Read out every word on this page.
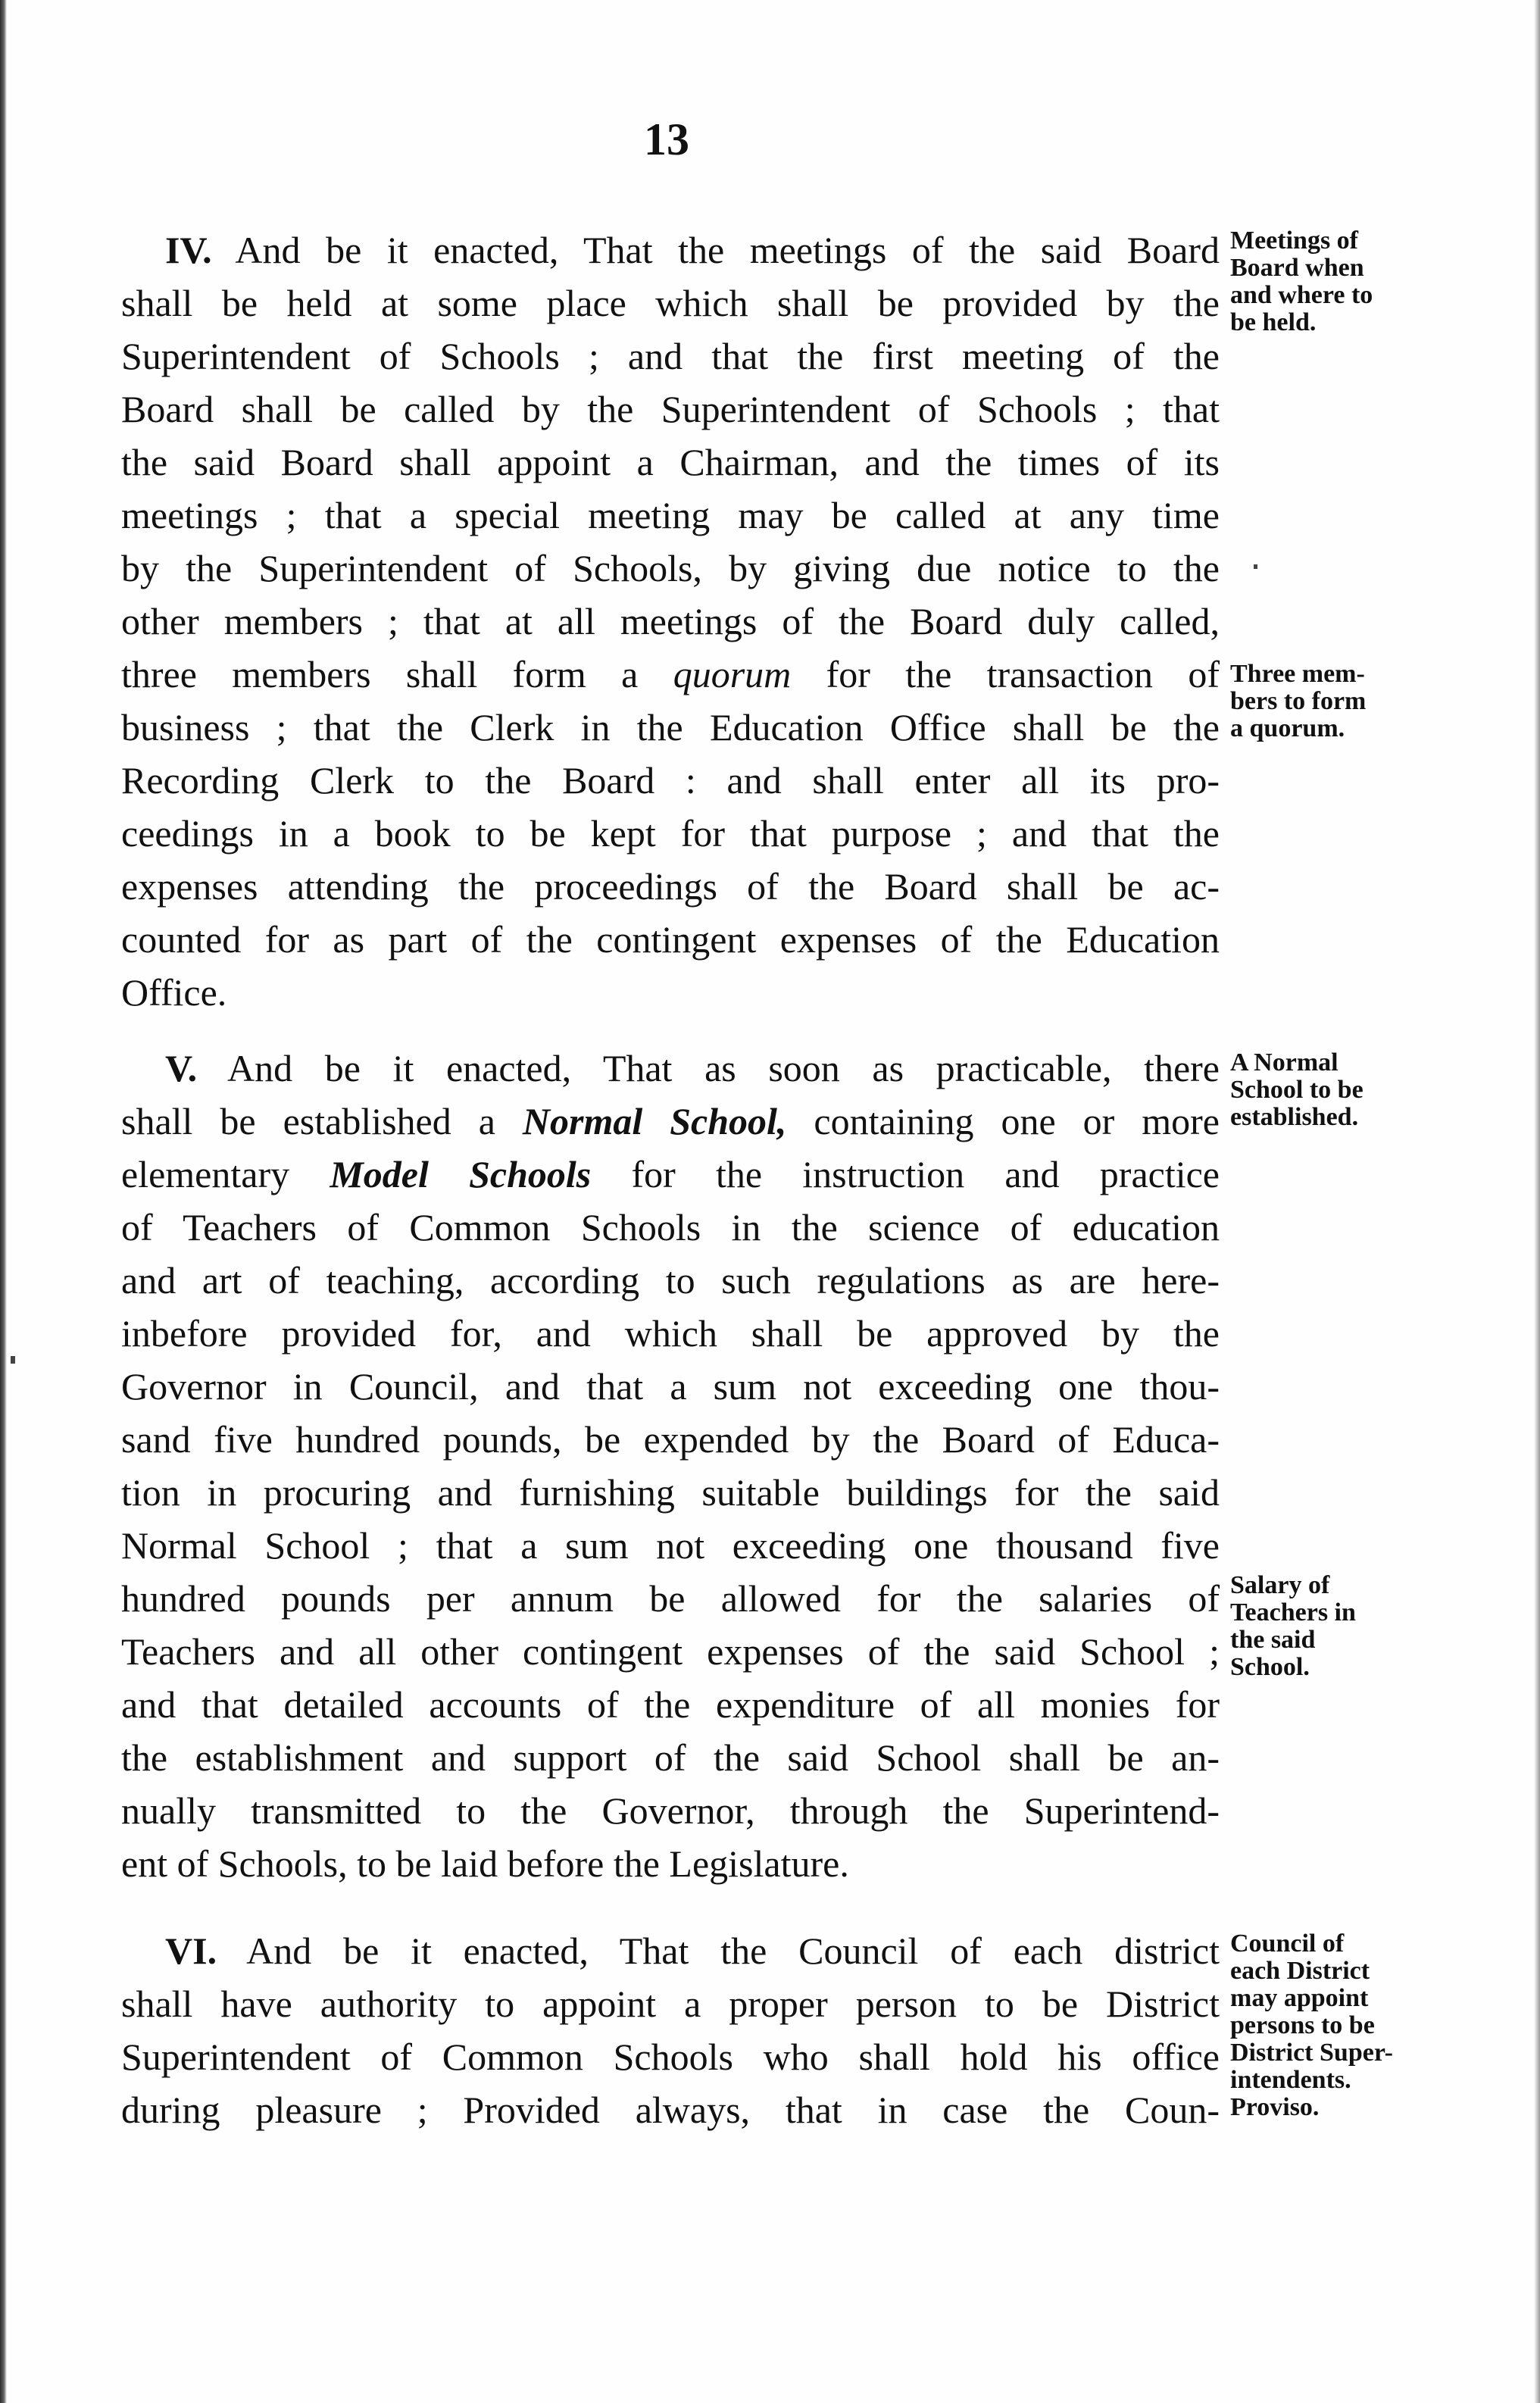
13
IV. And be it enacted, That the meetings of the said Board
shall be held at some place which shall be provided by the
Superintendent of Schools ; and that the first meeting of the
Board shall be called by the Superintendent of Schools ; that
the said Board shall appoint a Chairman, and the times of its
meetings ; that a special meeting may be called at any time
by the Superintendent of Schools, by giving due notice to the
other members ; that at all meetings of the Board duly called,
three members shall form a quorum for the transaction of
business ; that the Clerk in the Education Office shall be the
Recording Clerk to the Board : and shall enter all its pro-
ceedings in a book to be kept for that purpose ; and that the
expenses attending the proceedings of the Board shall be ac-
counted for as part of the contingent expenses of the Education
Office.
V. And be it enacted, That as soon as practicable, there
shall be established a Normal School, containing one or more
elementary Model Schools for the instruction and practice
of Teachers of Common Schools in the science of education
and art of teaching, according to such regulations as are here-
inbefore provided for, and which shall be approved by the
Governor in Council, and that a sum not exceeding one thou-
sand five hundred pounds, be expended by the Board of Educa-
tion in procuring and furnishing suitable buildings for the said
Normal School ; that a sum not exceeding one thousand five
hundred pounds per annum be allowed for the salaries of
Teachers and all other contingent expenses of the said School ;
and that detailed accounts of the expenditure of all monies for
the establishment and support of the said School shall be an-
nually transmitted to the Governor, through the Superintend-
ent of Schools, to be laid before the Legislature.
VI. And be it enacted, That the Council of each district
shall have authority to appoint a proper person to be District
Superintendent of Common Schools who shall hold his office
during pleasure ; Provided always, that in case the Coun-
Meetings of
Board when
and where to
be held.
Three mem-
bers to form
a quorum.
A Normal
School to be
established.
Salary of
Teachers in
the said
School.
Council of
each District
may appoint
persons to be
District Super-
intendents.
Proviso.
